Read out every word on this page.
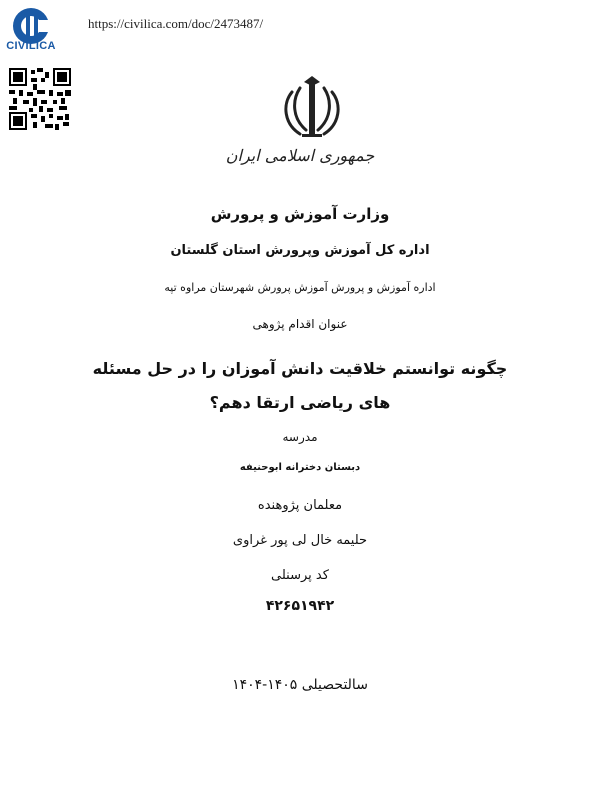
CIVILICA
https://civilica.com/doc/2473487/
جمهوری اسلامی ایران
وزارت آموزش و پرورش
اداره کل آموزش وپرورش استان گلستان
اداره آموزش و پرورش آموزش پرورش شهرستان مراوه تپه
عنوان اقدام پژوهی
چگونه توانستم خلاقیت دانش آموزان را در حل مسئله های ریاضی ارتقا دهم؟
مدرسه
دبستان دخترانه ابوحنیفه
معلمان پژوهنده
حلیمه خال لی پور غراوی
کد پرسنلی
۴۲۶۵۱۹۴۲
سالتحصیلی ۱۴۰۵-۱۴۰۴
